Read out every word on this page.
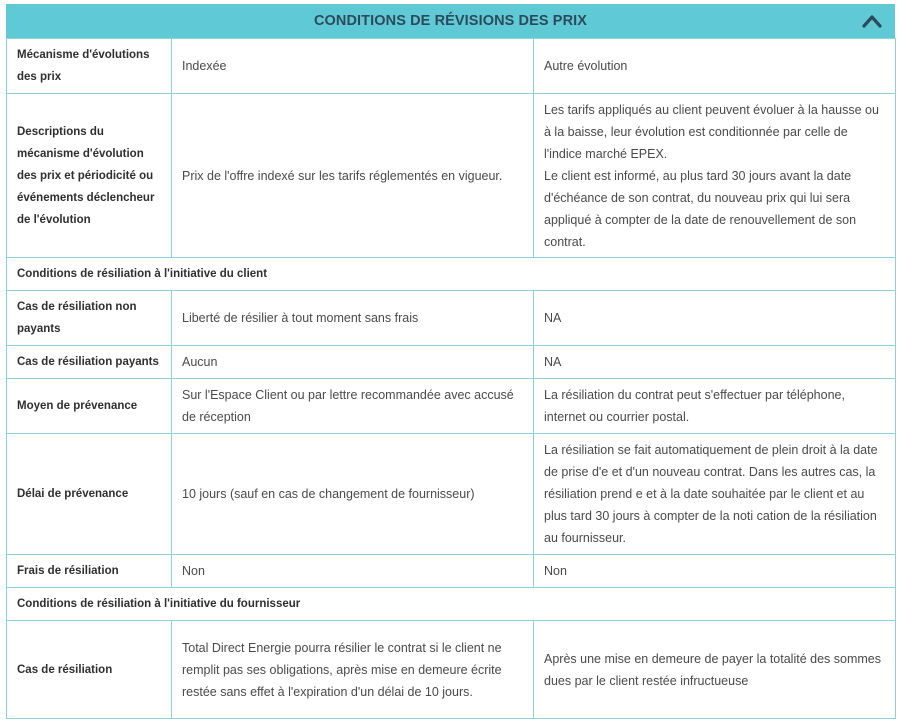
CONDITIONS DE RÉVISIONS DES PRIX
Mécanisme d'évolutions des prix	Indexée	Autre évolution
Descriptions du mécanisme d'évolution des prix et périodicité ou événements déclencheur de l'évolution	Prix de l'offre indexé sur les tarifs réglementés en vigueur.	Les tarifs appliqués au client peuvent évoluer à la hausse ou à la baisse, leur évolution est conditionnée par celle de l'indice marché EPEX.
Le client est informé, au plus tard 30 jours avant la date d'échéance de son contrat, du nouveau prix qui lui sera appliqué à compter de la date de renouvellement de son contrat.

Conditions de résiliation à l'initiative du client		
Cas de résiliation non payants	Liberté de résilier à tout moment sans frais	NA
Cas de résiliation payants	Aucun	NA
Moyen de prévenance	Sur l'Espace Client ou par lettre recommandée avec accusé de réception	La résiliation du contrat peut s'effectuer par téléphone, internet ou courrier postal.
Délai de prévenance	10 jours (sauf en cas de changement de fournisseur)	La résiliation se fait automatiquement de plein droit à la date de prise d'e et d'un nouveau contrat. Dans les autres cas, la résiliation prend e et à la date souhaitée par le client et au plus tard 30 jours à compter de la noti cation de la résiliation au fournisseur.
Frais de résiliation	Non	Non
Conditions de résiliation à l'initiative du fournisseur		
Cas de résiliation	Total Direct Energie pourra résilier le contrat si le client ne remplit pas ses obligations, après mise en demeure écrite restée sans effet à l'expiration d'un délai de 10 jours.	Après une mise en demeure de payer la totalité des sommes dues par le client restée infructueuse
